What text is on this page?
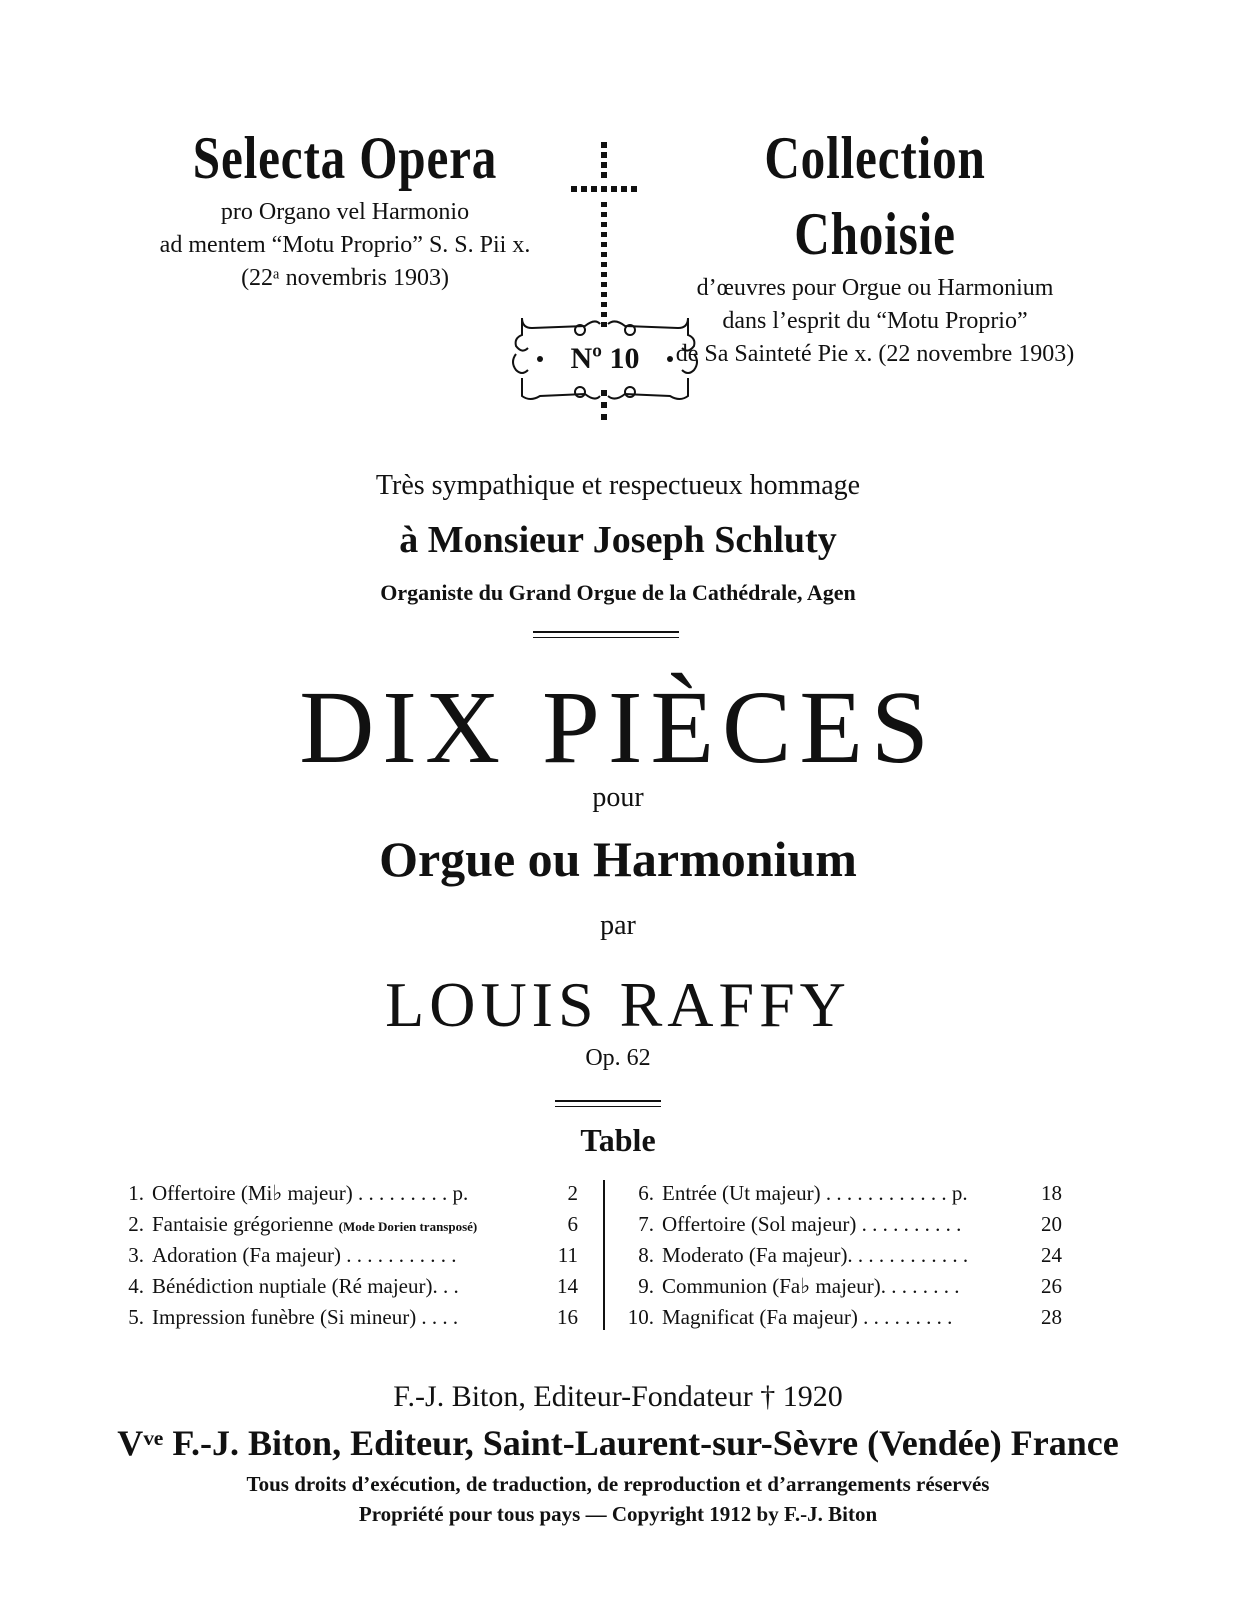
Selecta Opera
pro Organo vel Harmonio
ad mentem “Motu Proprio” S. S. Pii x.
(22ᵃ novembris 1903)
Collection Choisie
d’œuvres pour Orgue ou Harmonium
dans l’esprit du “Motu Proprio”
de Sa Sainteté Pie x. (22 novembre 1903)
Nº 10
Très sympathique et respectueux hommage
à Monsieur Joseph Schluty
Organiste du Grand Orgue de la Cathédrale, Agen
DIX PIÈCES
pour
Orgue ou Harmonium
par
LOUIS RAFFY
Op. 62
Table
1. Offertoire (Mi♭ majeur) . . . . . . . . . p.	2
2. Fantaisie grégorienne (Mode Dorien transposé)	6
3. Adoration (Fa majeur) . . . . . . . . . . .	11
4. Bénédiction nuptiale (Ré majeur). . .	14
5. Impression funèbre (Si mineur) . . . .	16
6. Entrée (Ut majeur) . . . . . . . . . . . . p.	18
7. Offertoire (Sol majeur) . . . . . . . . . .	20
8. Moderato (Fa majeur). . . . . . . . . . . .	24
9. Communion (Fa♭ majeur). . . . . . . .	26
10. Magnificat (Fa majeur) . . . . . . . . .	28
F.-J. Biton, Editeur-Fondateur † 1920
Vᵛᵉ F.-J. Biton, Editeur, Saint-Laurent-sur-Sèvre (Vendée) France
Tous droits d’exécution, de traduction, de reproduction et d’arrangements réservés
Propriété pour tous pays — Copyright 1912 by F.-J. Biton
